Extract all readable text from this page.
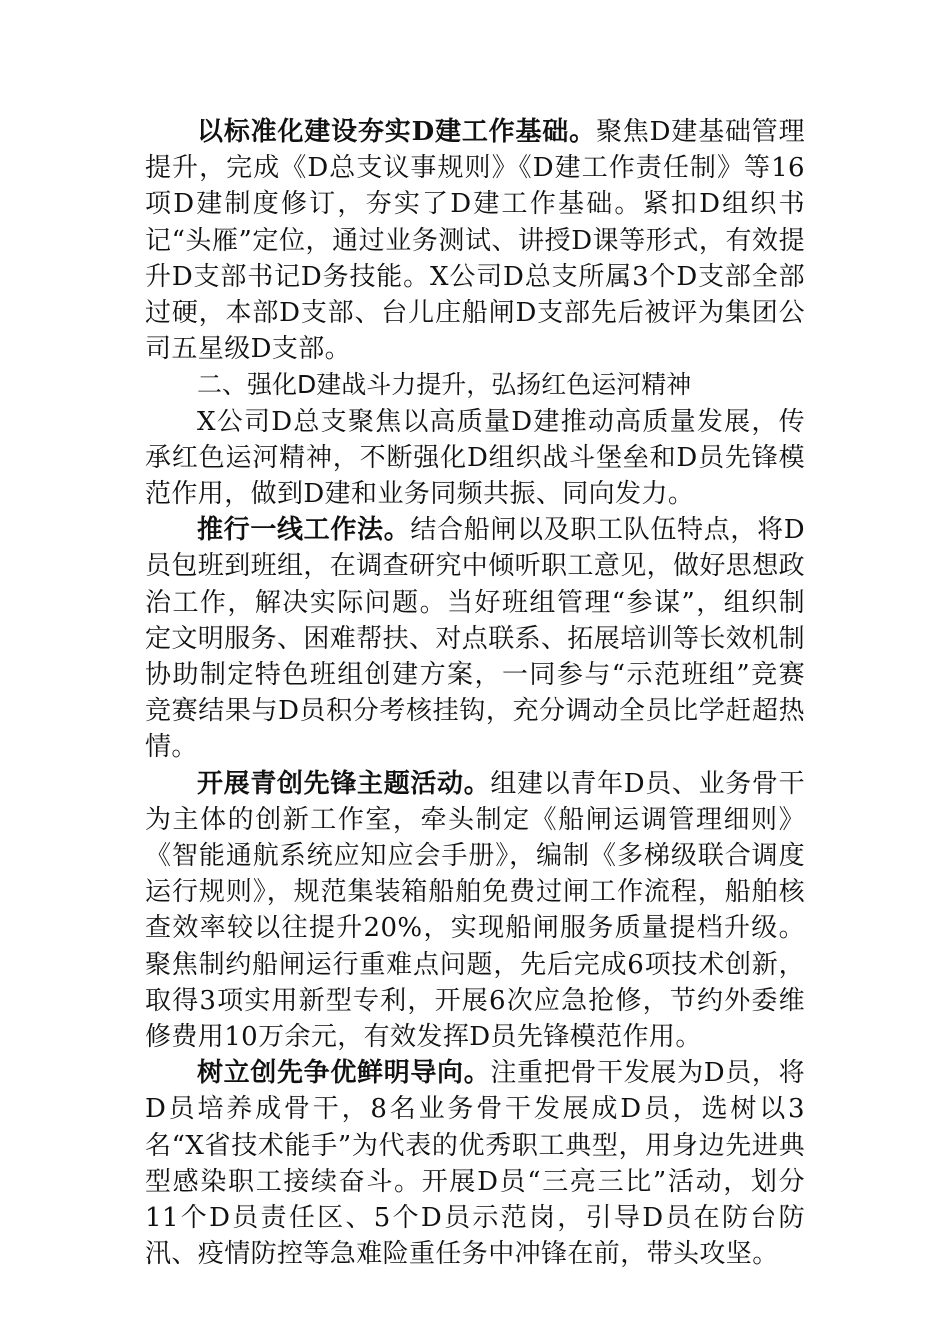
以标准化建设夯实D建工作基础。聚焦D建基础管理提升，完成《D总支议事规则》《D建工作责任制》等16项D建制度修订，夯实了D建工作基础。紧扣D组织书记“头雁”定位，通过业务测试、讲授D课等形式，有效提升D支部书记D务技能。X公司D总支所属3个D支部全部过硬，本部D支部、台儿庄船闸D支部先后被评为集团公司五星级D支部。

二、强化D建战斗力提升，弘扬红色运河精神

X公司D总支聚焦以高质量D建推动高质量发展，传承红色运河精神，不断强化D组织战斗堡垒和D员先锋模范作用，做到D建和业务同频共振、同向发力。

推行一线工作法。结合船闸以及职工队伍特点，将D员包班到班组，在调查研究中倾听职工意见，做好思想政治工作，解决实际问题。当好班组管理“参谋”，组织制定文明服务、困难帮扶、对点联系、拓展培训等长效机制协助制定特色班组创建方案，一同参与“示范班组”竞赛竞赛结果与D员积分考核挂钩，充分调动全员比学赶超热情。

开展青创先锋主题活动。组建以青年D员、业务骨干为主体的创新工作室，牵头制定《船闸运调管理细则》《智能通航系统应知应会手册》，编制《多梯级联合调度运行规则》，规范集装箱船舶免费过闸工作流程，船舶核查效率较以往提升20%，实现船闸服务质量提档升级。聚焦制约船闸运行重难点问题，先后完成6项技术创新，取得3项实用新型专利，开展6次应急抢修，节约外委维修费用10万余元，有效发挥D员先锋模范作用。

树立创先争优鲜明导向。注重把骨干发展为D员，将D员培养成骨干，8名业务骨干发展成D员，选树以3名“X省技术能手”为代表的优秀职工典型，用身边先进典型感染职工接续奋斗。开展D员“三亮三比”活动，划分11个D员责任区、5个D员示范岗，引导D员在防台防汛、疫情防控等急难险重任务中冲锋在前，带头攻坚。
